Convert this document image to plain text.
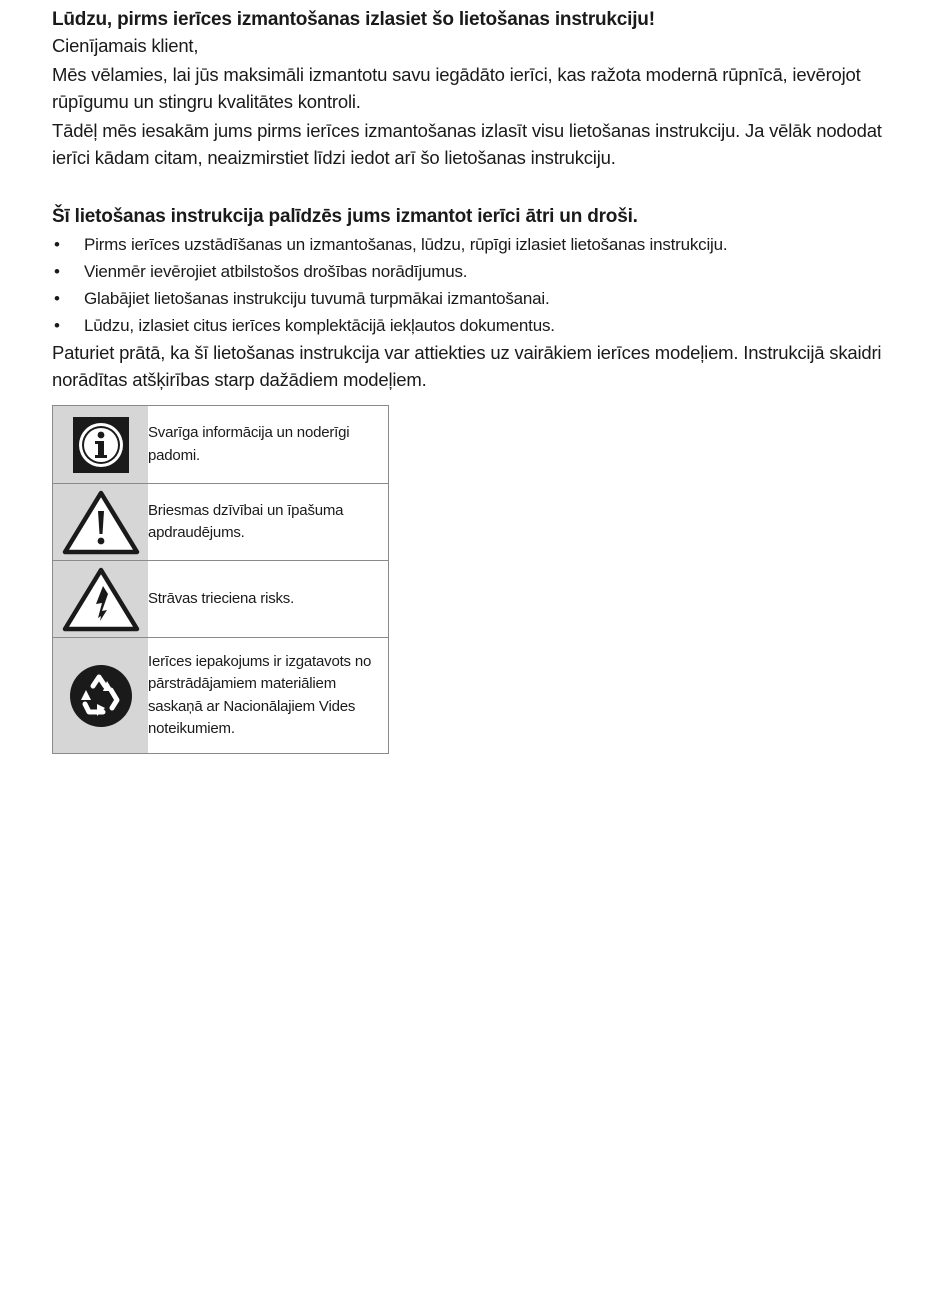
Lūdzu, pirms ierīces izmantošanas izlasiet šo lietošanas instrukciju!

Cienījamais klient,

Mēs vēlamies, lai jūs maksimāli izmantotu savu iegādāto ierīci, kas ražota modernā rūpnīcā, ievērojot rūpīgumu un stingru kvalitātes kontroli.

Tādēļ mēs iesakām jums pirms ierīces izmantošanas izlasīt visu lietošanas instrukciju. Ja vēlāk nododat ierīci kādam citam, neaizmirstiet līdzi iedot arī šo lietošanas instrukciju.

Šī lietošanas instrukcija palīdzēs jums izmantot ierīci ātri un droši.

• Pirms ierīces uzstādīšanas un izmantošanas, lūdzu, rūpīgi izlasiet lietošanas instrukciju.
• Vienmēr ievērojiet atbilstošos drošības norādījumus.
• Glabājiet lietošanas instrukciju tuvumā turpmākai izmantošanai.
• Lūdzu, izlasiet citus ierīces komplektācijā iekļautos dokumentus.

Paturiet prātā, ka šī lietošanas instrukcija var attiekties uz vairākiem ierīces modeļiem. Instrukcijā skaidri norādītas atšķirības starp dažādiem modeļiem.

	Svarīga informācija un noderīgi padomi.

	Briesmas dzīvībai un īpašuma apdraudējums.

	Strāvas trieciena risks.

	Ierīces iepakojums ir izgatavots no pārstrādājamiem materiāliem saskaņā ar Nacionālajiem Vides noteikumiem.
